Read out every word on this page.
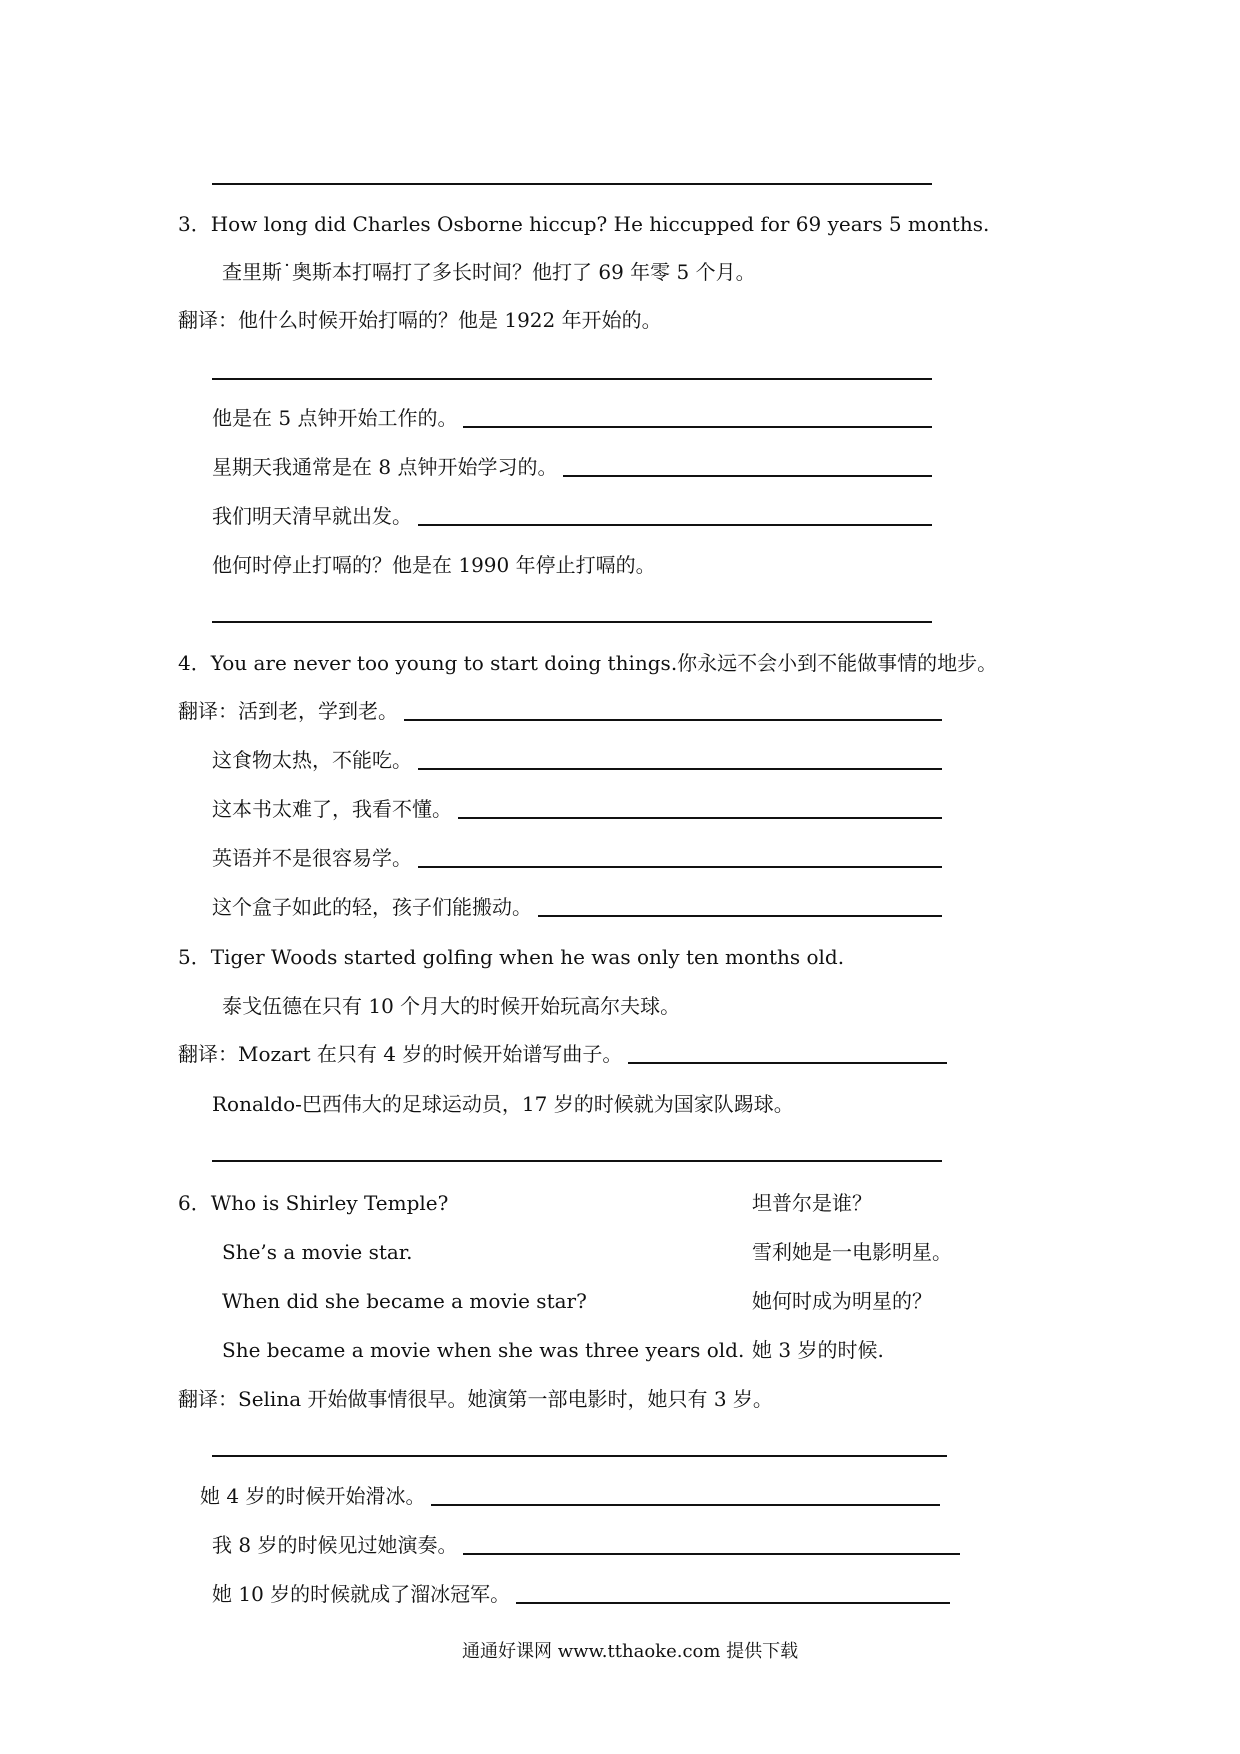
3．How long did Charles Osborne hiccup? He hiccupped for 69 years 5 months.
查里斯˙奥斯本打嗝打了多长时间？他打了 69 年零 5 个月。
翻译：他什么时候开始打嗝的？他是 1922 年开始的。
他是在 5 点钟开始工作的。
星期天我通常是在 8 点钟开始学习的。
我们明天清早就出发。
他何时停止打嗝的？他是在 1990 年停止打嗝的。
4．You are never too young to start doing things.你永远不会小到不能做事情的地步。
翻译：活到老，学到老。
这食物太热，不能吃。
这本书太难了，我看不懂。
英语并不是很容易学。
这个盒子如此的轻，孩子们能搬动。
5．Tiger Woods started golfing when he was only ten months old.
泰戈伍德在只有 10 个月大的时候开始玩高尔夫球。
翻译：Mozart 在只有 4 岁的时候开始谱写曲子。
Ronaldo-巴西伟大的足球运动员，17 岁的时候就为国家队踢球。
6．Who is Shirley Temple?	坦普尔是谁？
She’s a movie star.	雪利她是一电影明星。
When did she became a movie star?	她何时成为明星的？
She became a movie when she was three years old. 她 3 岁的时候.
翻译：Selina 开始做事情很早。她演第一部电影时，她只有 3 岁。
她 4 岁的时候开始滑冰。
我 8 岁的时候见过她演奏。
她 10 岁的时候就成了溜冰冠军。
通通好课网 www.tthaoke.com 提供下载
